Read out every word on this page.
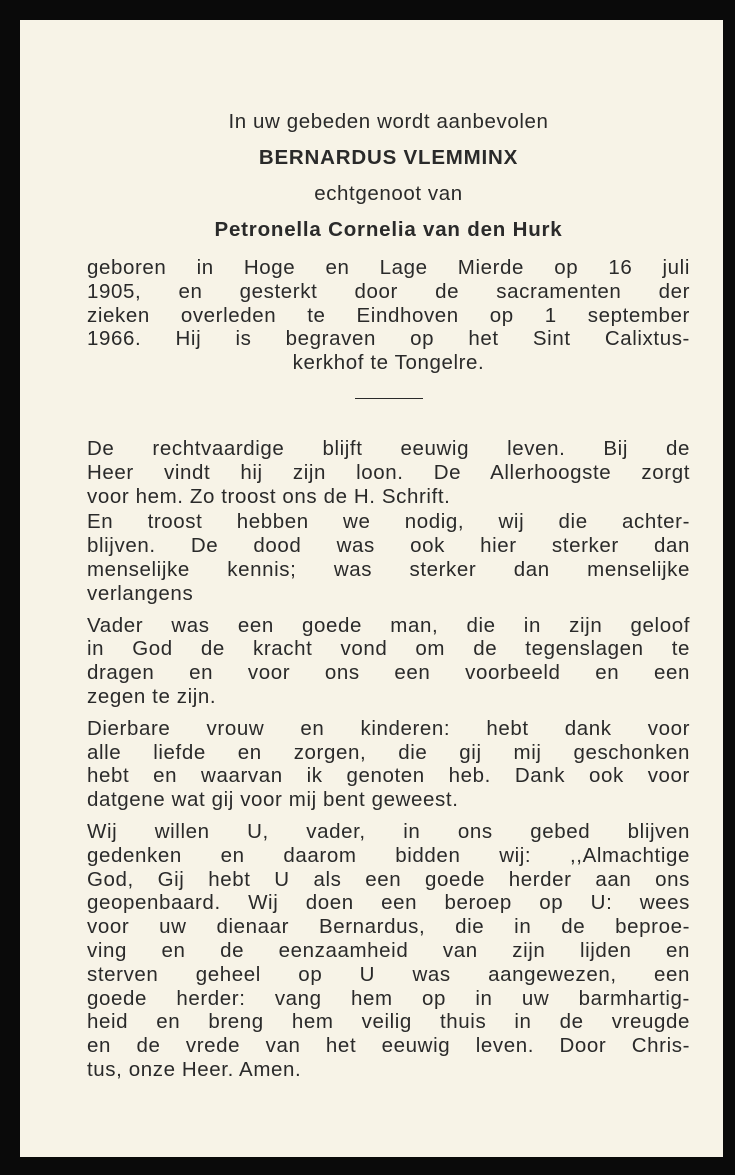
In uw gebeden wordt aanbevolen
BERNARDUS VLEMMINX
echtgenoot van
Petronella Cornelia van den Hurk
geboren in Hoge en Lage Mierde op 16 juli
1905, en gesterkt door de sacramenten der
zieken overleden te Eindhoven op 1 september
1966. Hij is begraven op het Sint Calixtus-
kerkhof te Tongelre.
De rechtvaardige blijft eeuwig leven. Bij de
Heer vindt hij zijn loon. De Allerhoogste zorgt
voor hem. Zo troost ons de H. Schrift.
En troost hebben we nodig, wij die achter-
blijven. De dood was ook hier sterker dan
menselijke kennis; was sterker dan menselijke
verlangens
Vader was een goede man, die in zijn geloof
in God de kracht vond om de tegenslagen te
dragen en voor ons een voorbeeld en een
zegen te zijn.
Dierbare vrouw en kinderen: hebt dank voor
alle liefde en zorgen, die gij mij geschonken
hebt en waarvan ik genoten heb. Dank ook voor
datgene wat gij voor mij bent geweest.
Wij willen U, vader, in ons gebed blijven
gedenken en daarom bidden wij: ,,Almachtige
God, Gij hebt U als een goede herder aan ons
geopenbaard. Wij doen een beroep op U: wees
voor uw dienaar Bernardus, die in de beproe-
ving en de eenzaamheid van zijn lijden en
sterven geheel op U was aangewezen, een
goede herder: vang hem op in uw barmhartig-
heid en breng hem veilig thuis in de vreugde
en de vrede van het eeuwig leven. Door Chris-
tus, onze Heer. Amen.
